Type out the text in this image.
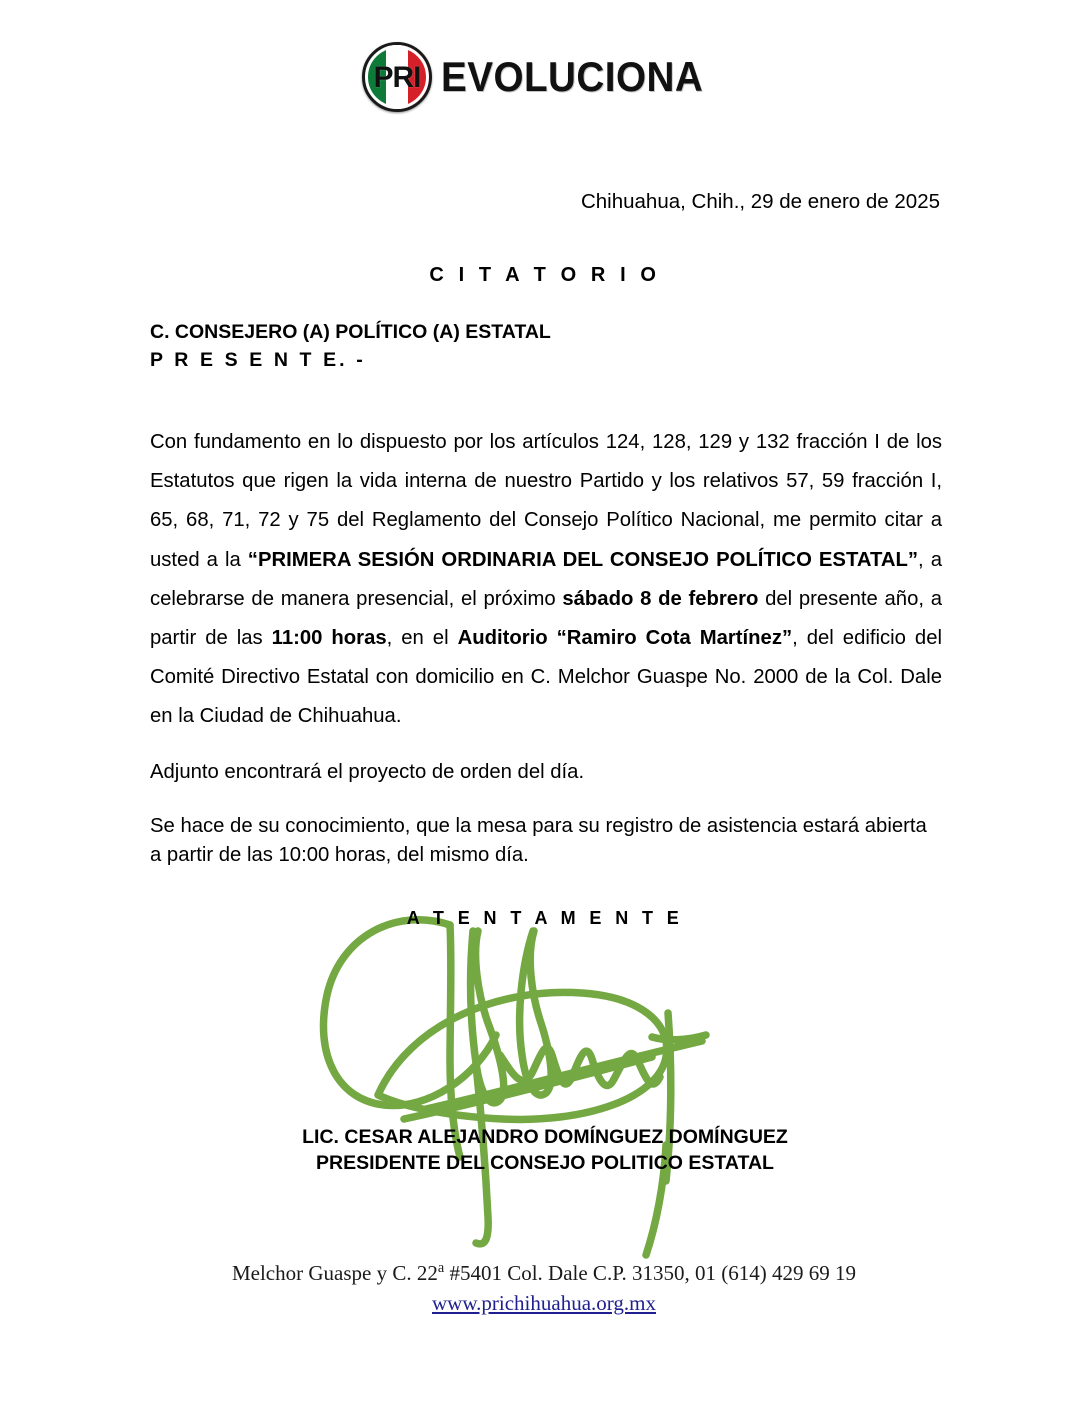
PRI EVOLUCIONA
Chihuahua, Chih., 29 de enero de 2025
C I T A T O R I O
C. CONSEJERO (A) POLÍTICO (A) ESTATAL
P R E S E N T E. -
Con fundamento en lo dispuesto por los artículos 124, 128, 129 y 132 fracción I de los Estatutos que rigen la vida interna de nuestro Partido y los relativos 57, 59 fracción I, 65, 68, 71, 72 y 75 del Reglamento del Consejo Político Nacional, me permito citar a usted a la “PRIMERA SESIÓN ORDINARIA DEL CONSEJO POLÍTICO ESTATAL”, a celebrarse de manera presencial, el próximo sábado 8 de febrero del presente año, a partir de las 11:00 horas, en el Auditorio “Ramiro Cota Martínez”, del edificio del Comité Directivo Estatal con domicilio en C. Melchor Guaspe No. 2000 de la Col. Dale en la Ciudad de Chihuahua.
Adjunto encontrará el proyecto de orden del día.
Se hace de su conocimiento, que la mesa para su registro de asistencia estará abierta a partir de las 10:00 horas, del mismo día.
A T E N T A M E N T E
LIC. CESAR ALEJANDRO DOMÍNGUEZ DOMÍNGUEZ
PRESIDENTE DEL CONSEJO POLITICO ESTATAL
Melchor Guaspe y C. 22$^a$ #5401 Col. Dale C.P. 31350, 01 (614) 429 69 19
www.prichihuahua.org.mx
